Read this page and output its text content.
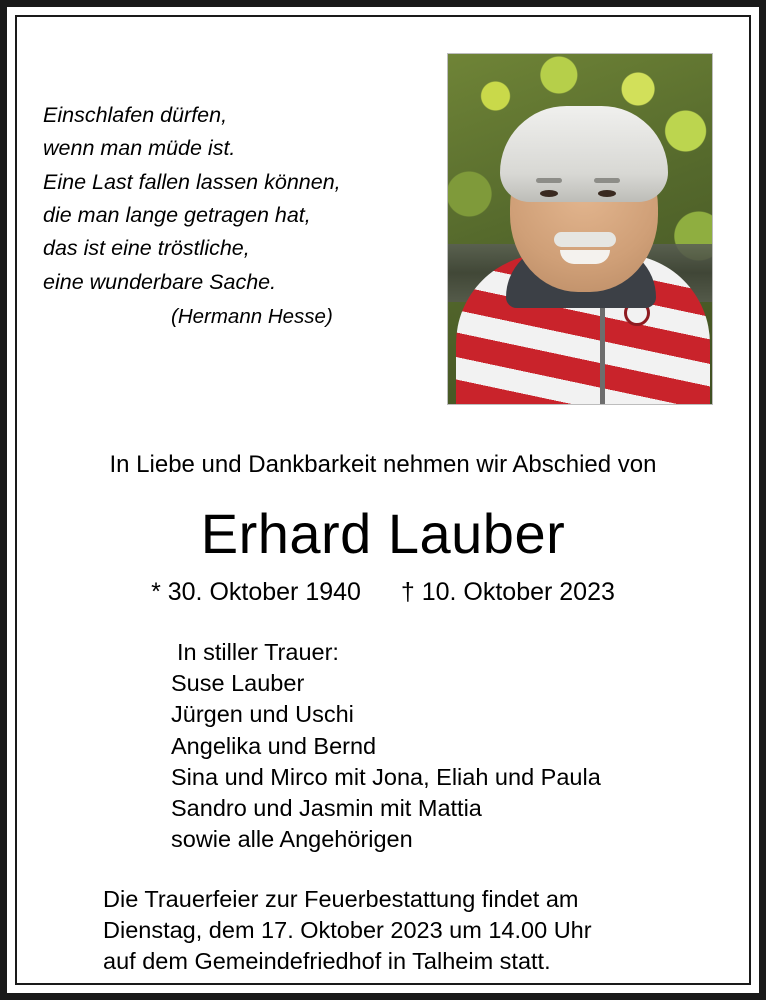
Einschlafen dürfen,
wenn man müde ist.
Eine Last fallen lassen können,
die man lange getragen hat,
das ist eine tröstliche,
eine wunderbare Sache.
(Hermann Hesse)
In Liebe und Dankbarkeit nehmen wir Abschied von
Erhard Lauber
* 30. Oktober 1940 † 10. Oktober 2023
In stiller Trauer:
Suse Lauber
Jürgen und Uschi
Angelika und Bernd
Sina und Mirco mit Jona, Eliah und Paula
Sandro und Jasmin mit Mattia
sowie alle Angehörigen
Die Trauerfeier zur Feuerbestattung findet am
Dienstag, dem 17. Oktober 2023 um 14.00 Uhr
auf dem Gemeindefriedhof in Talheim statt.
